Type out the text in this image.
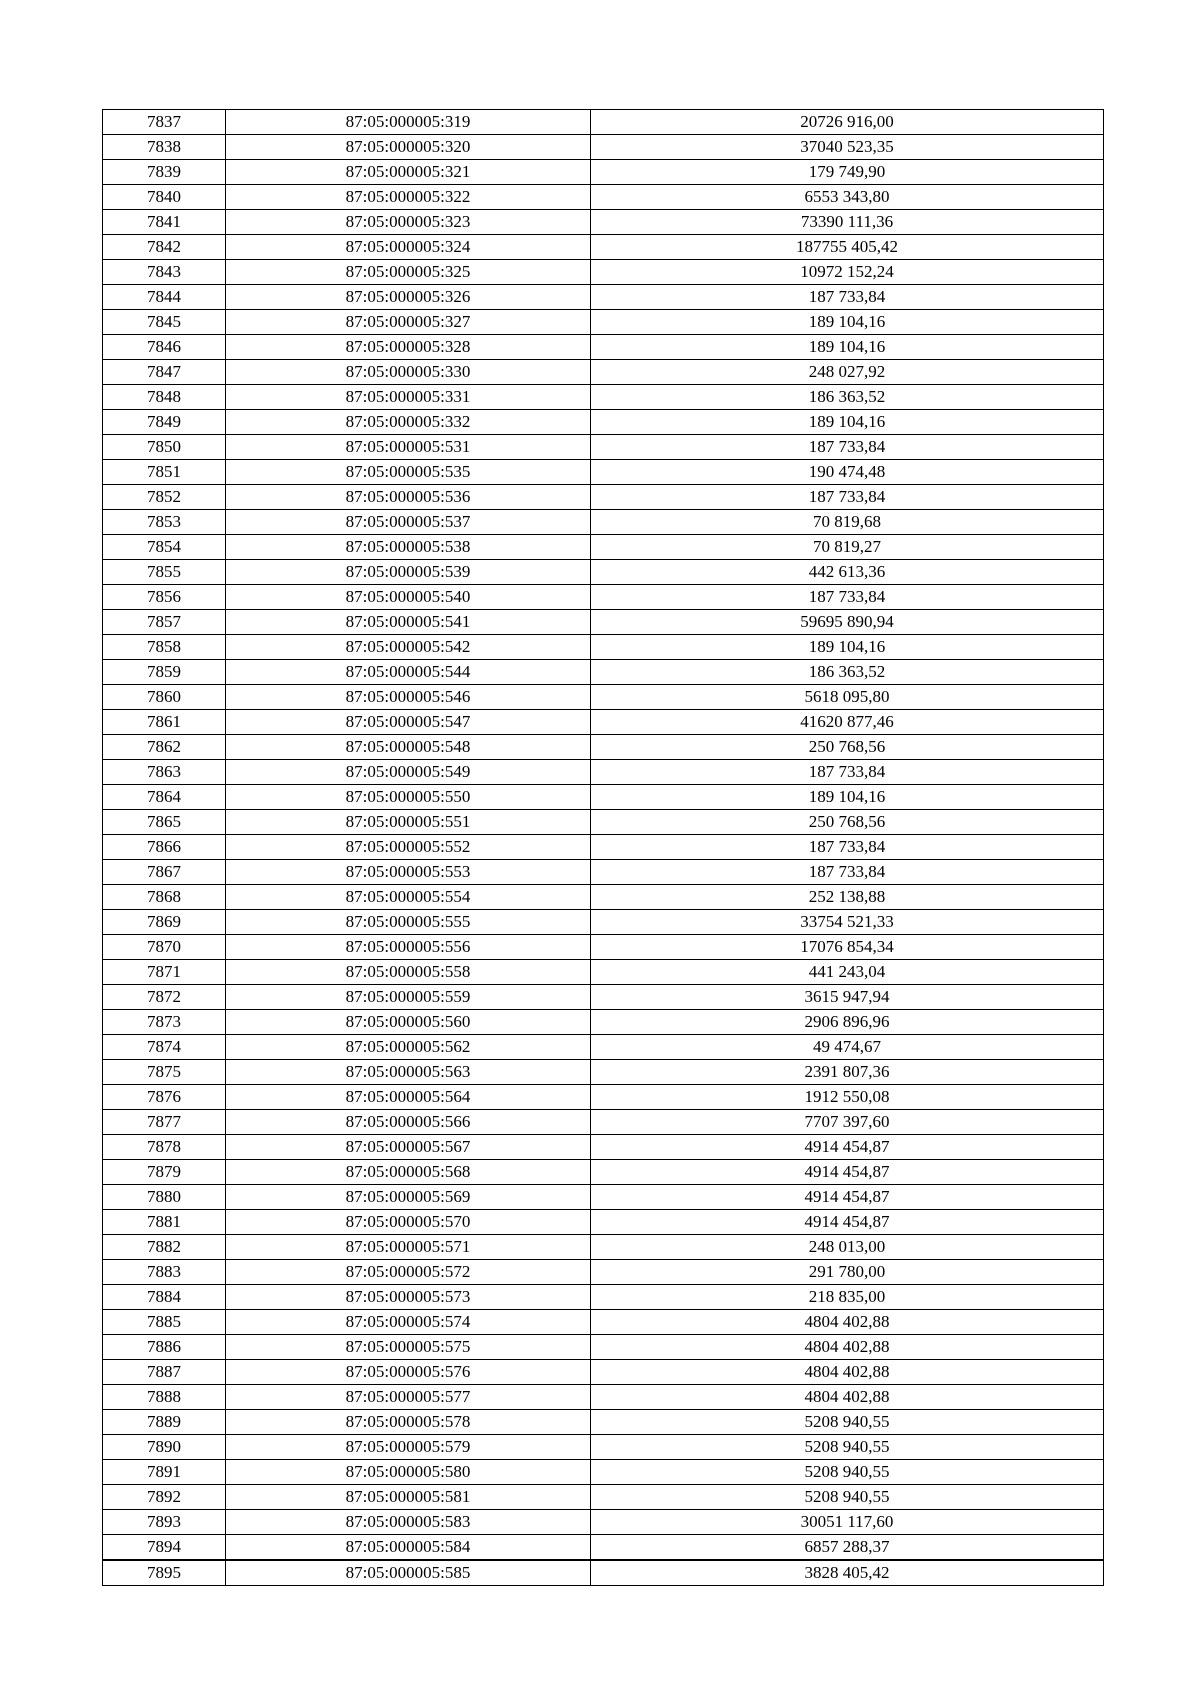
7837	87:05:000005:319	20726 916,00
7838	87:05:000005:320	37040 523,35
7839	87:05:000005:321	179 749,90
7840	87:05:000005:322	6553 343,80
7841	87:05:000005:323	73390 111,36
7842	87:05:000005:324	187755 405,42
7843	87:05:000005:325	10972 152,24
7844	87:05:000005:326	187 733,84
7845	87:05:000005:327	189 104,16
7846	87:05:000005:328	189 104,16
7847	87:05:000005:330	248 027,92
7848	87:05:000005:331	186 363,52
7849	87:05:000005:332	189 104,16
7850	87:05:000005:531	187 733,84
7851	87:05:000005:535	190 474,48
7852	87:05:000005:536	187 733,84
7853	87:05:000005:537	70 819,68
7854	87:05:000005:538	70 819,27
7855	87:05:000005:539	442 613,36
7856	87:05:000005:540	187 733,84
7857	87:05:000005:541	59695 890,94
7858	87:05:000005:542	189 104,16
7859	87:05:000005:544	186 363,52
7860	87:05:000005:546	5618 095,80
7861	87:05:000005:547	41620 877,46
7862	87:05:000005:548	250 768,56
7863	87:05:000005:549	187 733,84
7864	87:05:000005:550	189 104,16
7865	87:05:000005:551	250 768,56
7866	87:05:000005:552	187 733,84
7867	87:05:000005:553	187 733,84
7868	87:05:000005:554	252 138,88
7869	87:05:000005:555	33754 521,33
7870	87:05:000005:556	17076 854,34
7871	87:05:000005:558	441 243,04
7872	87:05:000005:559	3615 947,94
7873	87:05:000005:560	2906 896,96
7874	87:05:000005:562	49 474,67
7875	87:05:000005:563	2391 807,36
7876	87:05:000005:564	1912 550,08
7877	87:05:000005:566	7707 397,60
7878	87:05:000005:567	4914 454,87
7879	87:05:000005:568	4914 454,87
7880	87:05:000005:569	4914 454,87
7881	87:05:000005:570	4914 454,87
7882	87:05:000005:571	248 013,00
7883	87:05:000005:572	291 780,00
7884	87:05:000005:573	218 835,00
7885	87:05:000005:574	4804 402,88
7886	87:05:000005:575	4804 402,88
7887	87:05:000005:576	4804 402,88
7888	87:05:000005:577	4804 402,88
7889	87:05:000005:578	5208 940,55
7890	87:05:000005:579	5208 940,55
7891	87:05:000005:580	5208 940,55
7892	87:05:000005:581	5208 940,55
7893	87:05:000005:583	30051 117,60
7894	87:05:000005:584	6857 288,37
7895	87:05:000005:585	3828 405,42
